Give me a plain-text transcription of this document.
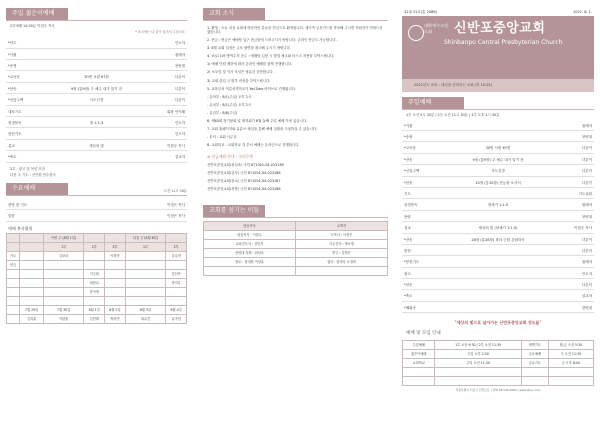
주일 젊은이예배
2부예배 14:30분 이집우 목사
* 표시에는 다 같이 일어서 주십시오
*안도	인도자
*기원	집례자
*송영	찬양대
*교독문	30번 시편 67편	다같이
*찬송	9장 (통9장) 주 예수 내가 알기 전	다같이
*신앙고백	사도신경	다같이
대표기도	회장 안지혜
성경봉독	창 1:1-5	인도자
봉헌기도	인도자
설교	세상의 빛	이집우 목사
*축도	설교자
2부 : 광고 및 목양 모임
다음 주 기도 : 신인원 안수집사
수요예배	오전 11시 30분
찬양 및 기도	이정은 목사
말씀	이정은 목사
예배 봉사위원
		이번 주 (8월 1일)			다음 주 (8월 8일)	
		1부	2부	3부	1부	2부
기도		김보라		이정민		김나현
헌금						
			이주희			김선욱
			최한나			정지우
			한아영			

	7월 29일	7월 30일	8월 1일	8월 2일	8월 3일	8월 4일
	김지훈	이한솔	김민재	박서연	최유진	유아현
교회 소식

1. 환영 : 오늘 처음 교회에 방문하신 분들을 진심으로 환영합니다. 새가족 등록카드를 작성해 주시면 목회자가 연락드리겠습니다.

2. 헌금 : 헌금은 예배당 입구 헌금함에 드려주시기 바랍니다. 온라인 헌금도 가능합니다.

3. 8월 교회 일정은 주보 뒷면을 참고해 주시기 바랍니다.

4. 코로나19 방역수칙 준수 : 예배당 입장 시 발열 체크와 마스크 착용을 부탁드립니다.

1) 예배 인원 제한에 따라 온라인 예배를 함께 진행합니다.

2) 소모임 및 식사 모임은 당분간 중단합니다.

3) 교회 출입 시 명부 작성을 부탁드립니다.

5. 교육부서 여름성경학교가 YouTube 라이브로 진행됩니다.

- 유아부 : 8/1(주일) 오후 2시

- 유치부 : 8/1(주일) 오후 2시

- 유년부 : 8/8(주일)

6. 제63회 정기당회 및 제직회가 8월 둘째 주일 예배 후에 있습니다.

7. 교회 홈페이지와 유튜브 채널을 통해 예배 실황을 시청하실 수 있습니다.

- 문의 : 교회 사무실

8. 교회학교 : 교회학교 각 부서 예배는 온라인으로 진행합니다.

※ 헌금계좌 안내 : 국민은행

신반포중앙교회(십일조) 국민 871001-04-023185

신반포중앙교회(감사) 국민 871001-04-023186

신반포중앙교회(선교) 국민 871001-04-023187

신반포중앙교회(건축) 국민 871001-04-023188

교회를 섬기는 이들
담임목사	교역자
담임목사 : 이집우	부목사 : 이정은
교육전도사 : 김민지	사무간사 : 박소영
찬양대 지휘 : 최성호	반주 : 김하은
장로 : 정대현 이상훈	권사 : 한미숙 오정희

41권 31호(통 2086)	2021. 8. 1.
대한예수교장로회	신반포중앙교회
Shinbanpo Central Presbyterian Church
2021년도 표어 : 내일을 준비하는 교회 (히 10:25)
주일예배
1부 오전 9시 30분 | 2부 오전 11시 30분 | 3부 오후 2시 30분
*기원	집례자
*송영	찬양대
*교독문	30번 시편 67편	다같이
*찬송	9장 (통9장) 주 예수 내가 알기 전	다같이
*신앙고백	사도신경	다같이
*찬송	10장 (통10장) 전능왕 오셔서	다같이
기도	기도위원
성경봉독	창세기 1:1-5	집례자
찬양	찬양대
설교	세상의 빛 (창세기 1:1-5)	이집우 목사
*찬송	28장 (통28장) 복의 근원 강림하사	다같이
봉헌	다같이
*봉헌기도	집례자
광고	인도자
*찬송	다같이
*축도	설교자
*폐회송	찬양대
"세상의 빛으로 살아가는 신반포중앙교회 성도들"
예배 및 모임 안내
주일예배	1부 오전 9:30 | 2부 오전 11:30	새벽기도	월-금 오전 5:30
젊은이예배	주일 오후 2:30	수요예배	수 오전 11:30
교회학교	주일 오전 11:30	금요기도	금 오후 8:00

서울특별시 서초구 신반포로 | 전화 02-532-0000 | www.sbcc.or.kr
